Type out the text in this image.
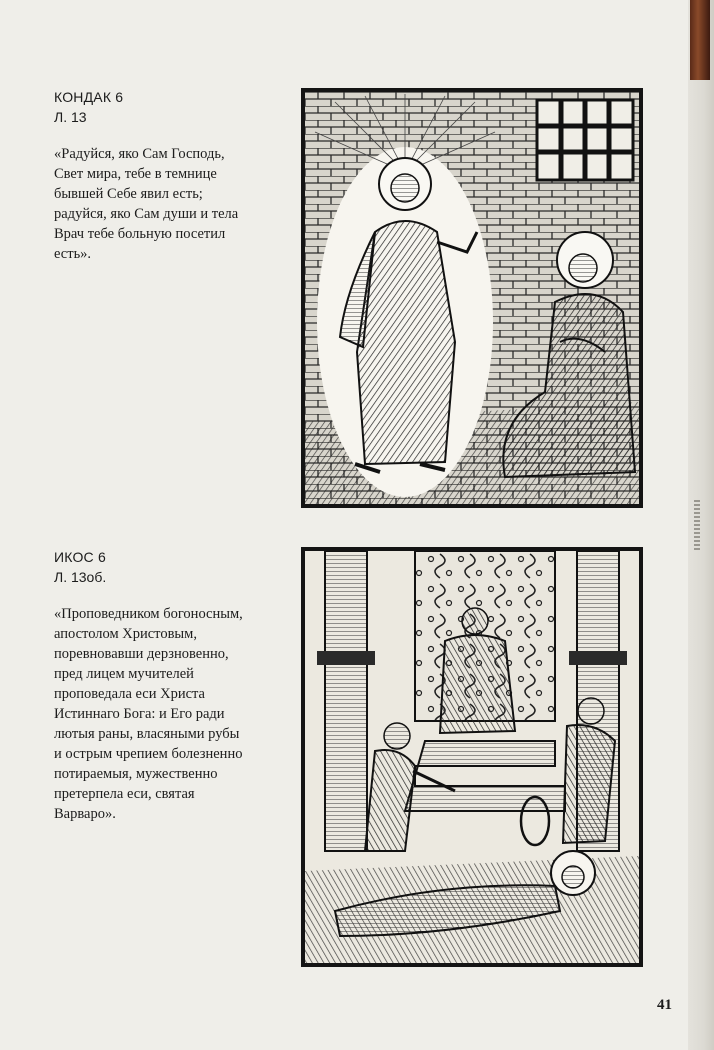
КОНДАК 6

Л. 13

«Радуйся, яко Сам Господь,
Свет мира, тебе в темнице
бывшей Себе явил есть;
радуйся, яко Сам души и тела
Врач тебе больную посетил
есть».

ИКОС 6

Л. 13об.

«Проповедником богоносным,
апостолом Христовым,
поревновавши дерзновенно,
пред лицем мучителей
проповедала еси Христа
Истиннаго Бога: и Его ради
лютыя раны, власяными рубы
и острым чрепием болезненно
потираемыя, мужественно
претерпела еси, святая
Варваро».

41
